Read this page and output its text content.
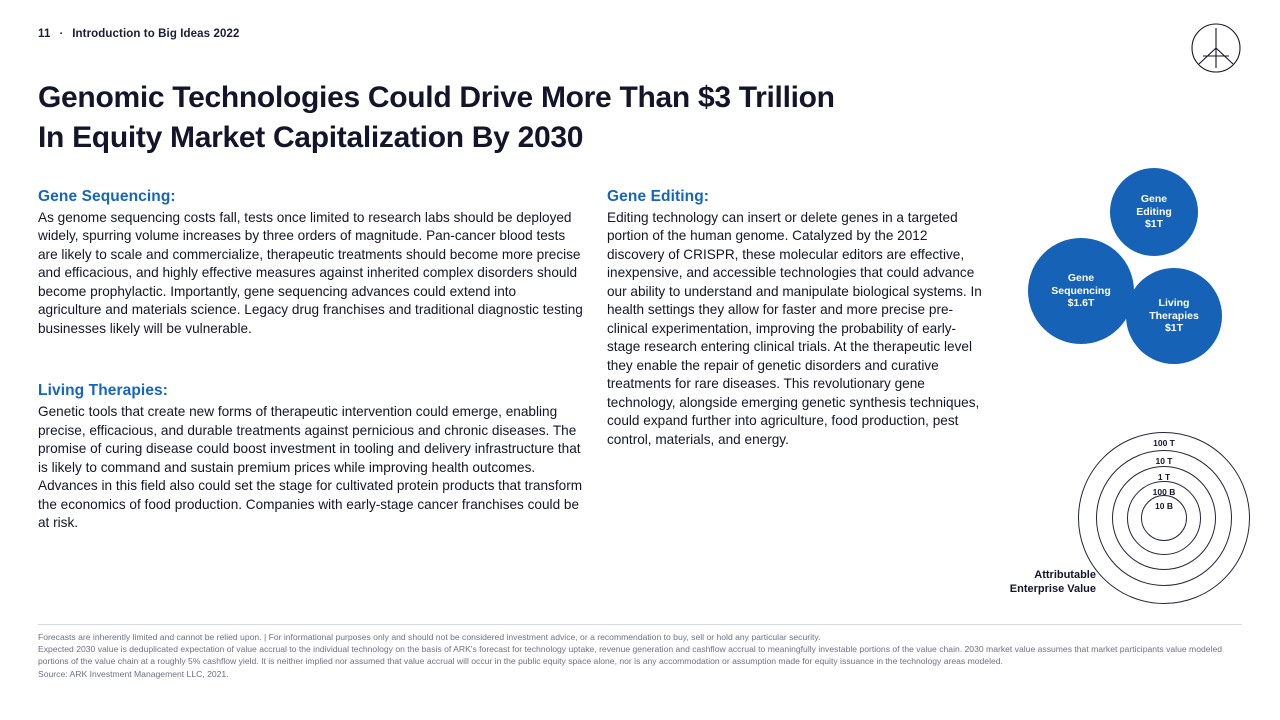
11 · Introduction to Big Ideas 2022
Genomic Technologies Could Drive More Than $3 Trillion
In Equity Market Capitalization By 2030
Gene Sequencing:
As genome sequencing costs fall, tests once limited to research labs should be deployed widely, spurring volume increases by three orders of magnitude. Pan-cancer blood tests are likely to scale and commercialize, therapeutic treatments should become more precise and efficacious, and highly effective measures against inherited complex disorders should become prophylactic. Importantly, gene sequencing advances could extend into agriculture and materials science. Legacy drug franchises and traditional diagnostic testing businesses likely will be vulnerable.
Living Therapies:
Genetic tools that create new forms of therapeutic intervention could emerge, enabling precise, efficacious, and durable treatments against pernicious and chronic diseases. The promise of curing disease could boost investment in tooling and delivery infrastructure that is likely to command and sustain premium prices while improving health outcomes. Advances in this field also could set the stage for cultivated protein products that transform the economics of food production. Companies with early-stage cancer franchises could be at risk.
Gene Editing:
Editing technology can insert or delete genes in a targeted portion of the human genome. Catalyzed by the 2012 discovery of CRISPR, these molecular editors are effective, inexpensive, and accessible technologies that could advance our ability to understand and manipulate biological systems. In health settings they allow for faster and more precise pre-clinical experimentation, improving the probability of early-stage research entering clinical trials. At the therapeutic level they enable the repair of genetic disorders and curative treatments for rare diseases. This revolutionary gene technology, alongside emerging genetic synthesis techniques, could expand further into agriculture, food production, pest control, materials, and energy.
Gene
Editing
$1T
Gene
Sequencing
$1.6T	Living
Therapies
$1T
100 T
10 T
1 T
100 B
10 B
Attributable
Enterprise Value
Forecasts are inherently limited and cannot be relied upon. | For informational purposes only and should not be considered investment advice, or a recommendation to buy, sell or hold any particular security.
Expected 2030 value is deduplicated expectation of value accrual to the individual technology on the basis of ARK's forecast for technology uptake, revenue generation and cashflow accrual to meaningfully investable portions of the value chain. 2030 market value assumes that market participants value modeled portions of the value chain at a roughly 5% cashflow yield. It is neither implied nor assumed that value accrual will occur in the public equity space alone, nor is any accommodation or assumption made for equity issuance in the technology areas modeled.
Source: ARK Investment Management LLC, 2021.
